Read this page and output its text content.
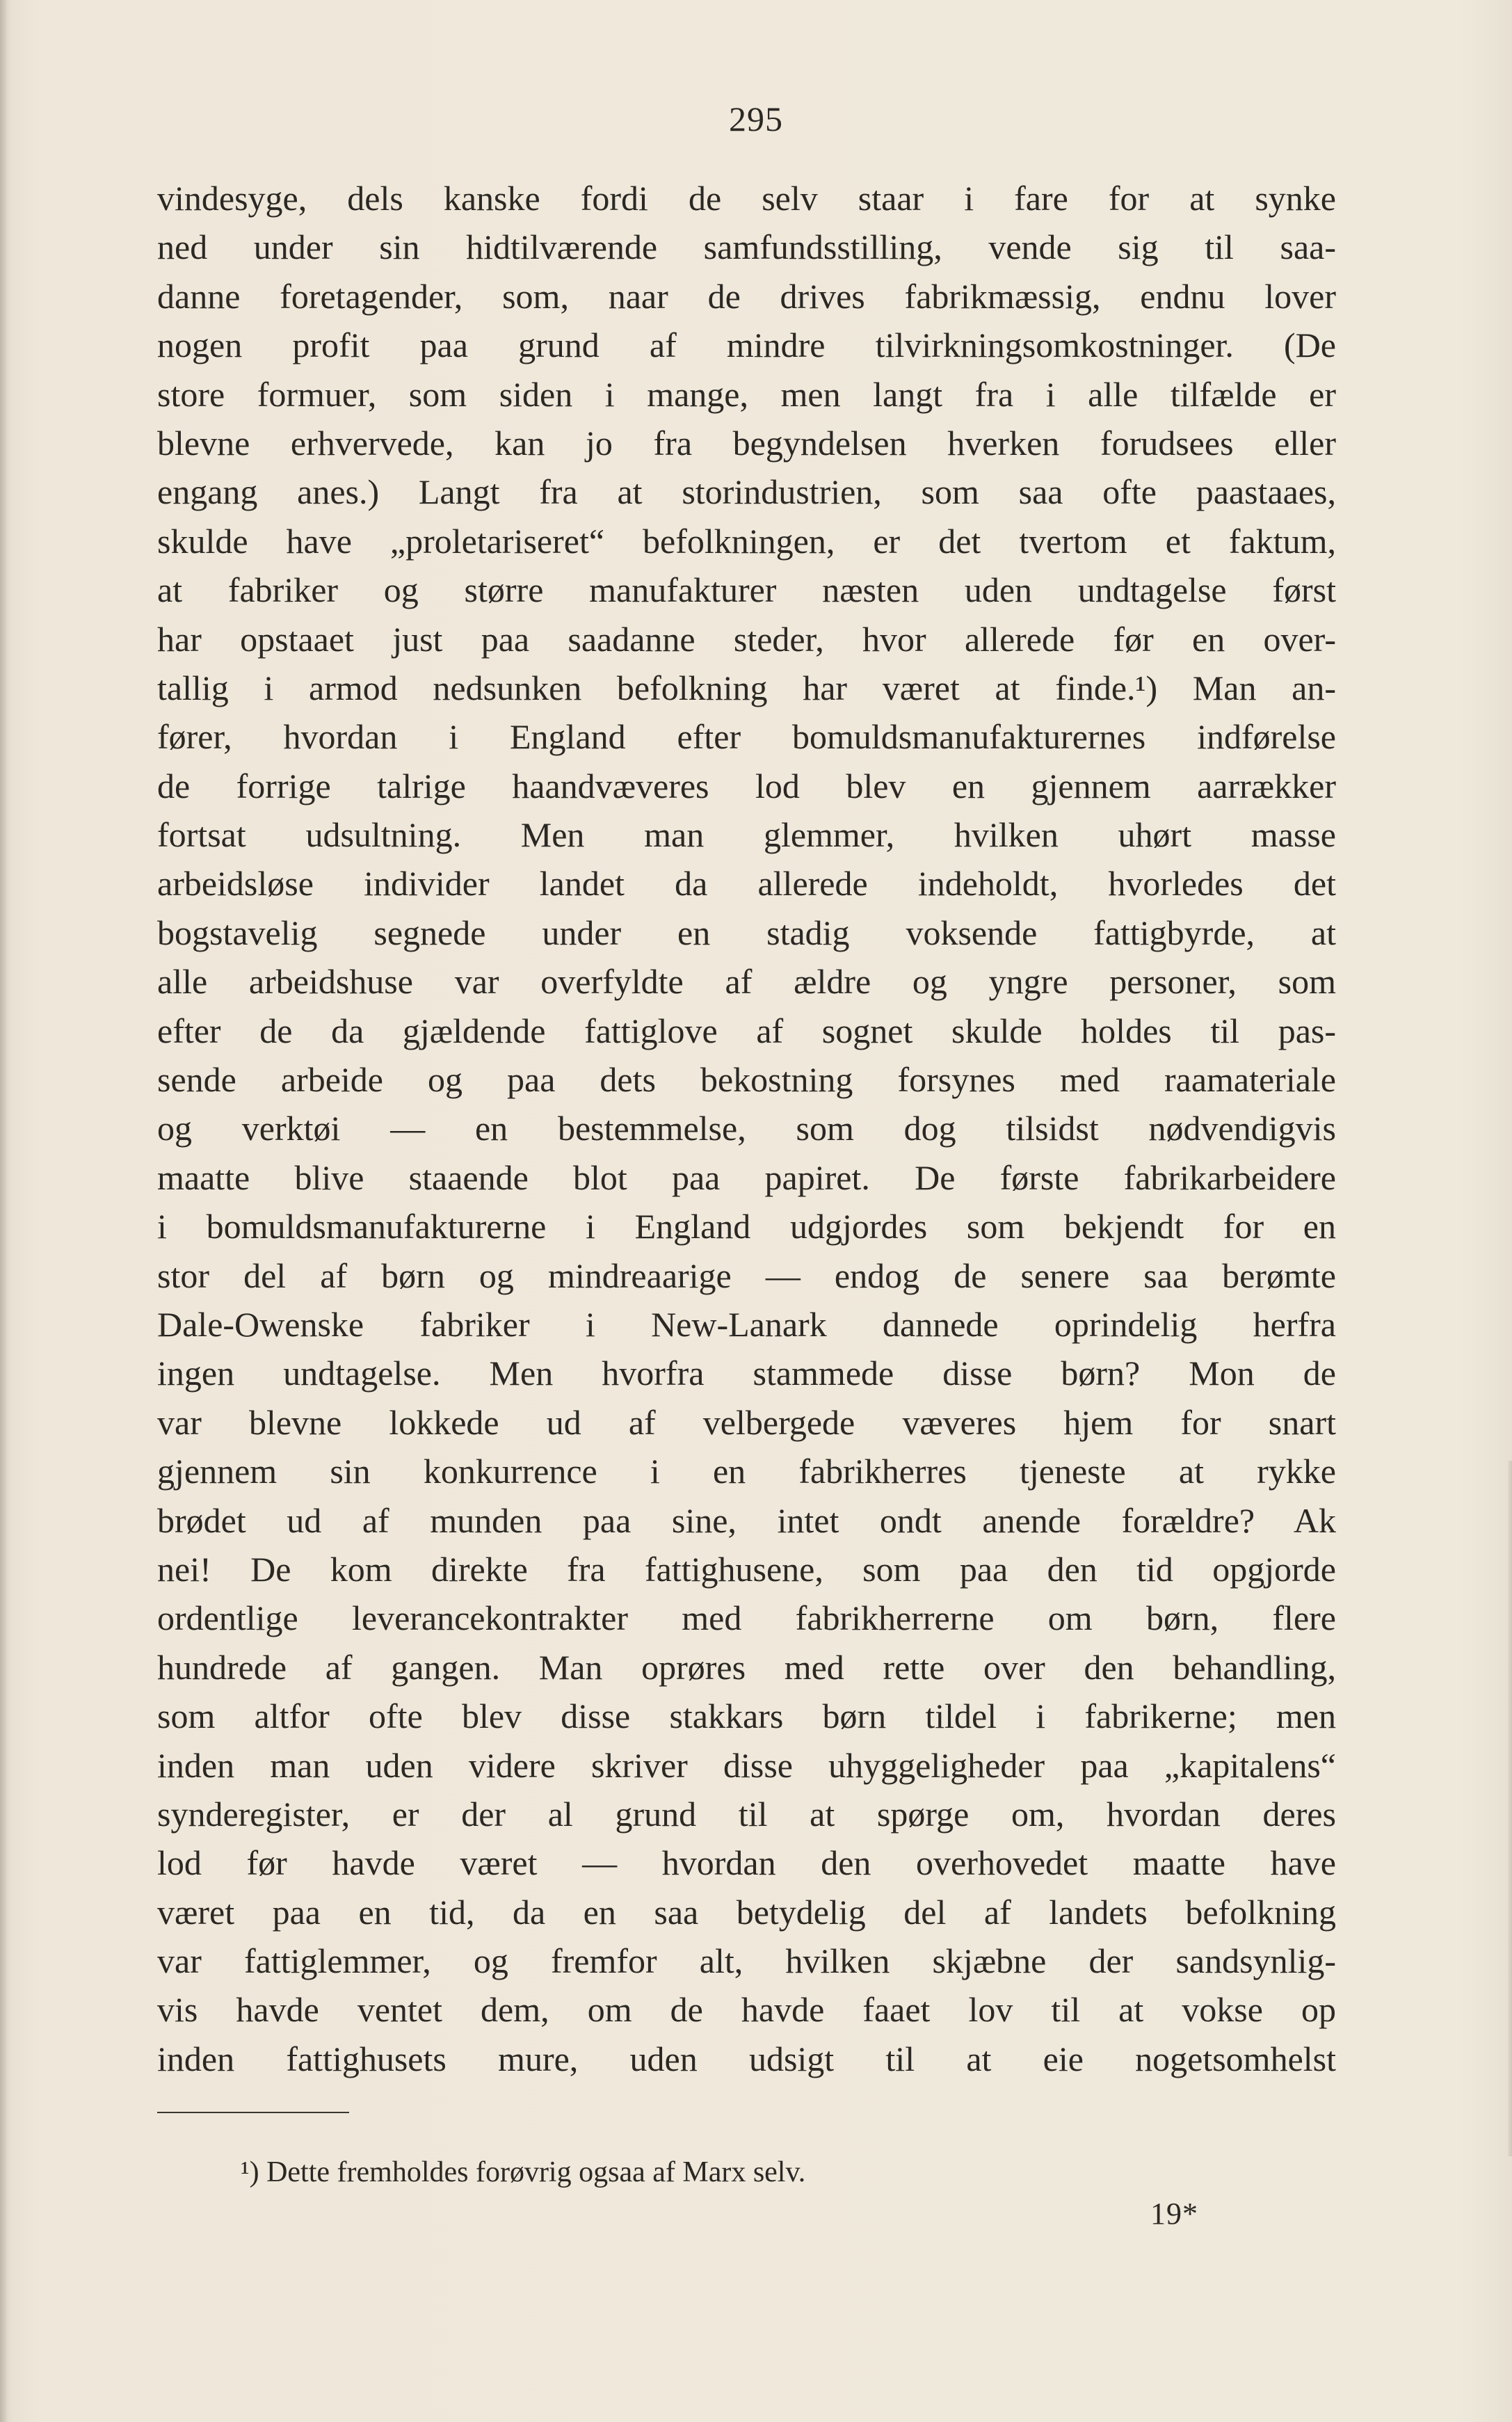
295
vindesyge, dels kanske fordi de selv staar i fare for at synke
ned under sin hidtilværende samfundsstilling, vende sig til saa-
danne foretagender, som, naar de drives fabrikmæssig, endnu lover
nogen profit paa grund af mindre tilvirkningsomkostninger. (De
store formuer, som siden i mange, men langt fra i alle tilfælde er
blevne erhvervede, kan jo fra begyndelsen hverken forudsees eller
engang anes.) Langt fra at storindustrien, som saa ofte paastaaes,
skulde have „proletariseret“ befolkningen, er det tvertom et faktum,
at fabriker og større manufakturer næsten uden undtagelse først
har opstaaet just paa saadanne steder, hvor allerede før en over-
tallig i armod nedsunken befolkning har været at finde.¹) Man an-
fører, hvordan i England efter bomuldsmanufakturernes indførelse
de forrige talrige haandvæveres lod blev en gjennem aarrækker
fortsat udsultning. Men man glemmer, hvilken uhørt masse
arbeidsløse individer landet da allerede indeholdt, hvorledes det
bogstavelig segnede under en stadig voksende fattigbyrde, at
alle arbeidshuse var overfyldte af ældre og yngre personer, som
efter de da gjældende fattiglove af sognet skulde holdes til pas-
sende arbeide og paa dets bekostning forsynes med raamateriale
og verktøi — en bestemmelse, som dog tilsidst nødvendigvis
maatte blive staaende blot paa papiret. De første fabrikarbeidere
i bomuldsmanufakturerne i England udgjordes som bekjendt for en
stor del af børn og mindreaarige — endog de senere saa berømte
Dale-Owenske fabriker i New-Lanark dannede oprindelig herfra
ingen undtagelse. Men hvorfra stammede disse børn? Mon de
var blevne lokkede ud af velbergede væveres hjem for snart
gjennem sin konkurrence i en fabrikherres tjeneste at rykke
brødet ud af munden paa sine, intet ondt anende forældre? Ak
nei! De kom direkte fra fattighusene, som paa den tid opgjorde
ordentlige leverancekontrakter med fabrikherrerne om børn, flere
hundrede af gangen. Man oprøres med rette over den behandling,
som altfor ofte blev disse stakkars børn tildel i fabrikerne; men
inden man uden videre skriver disse uhyggeligheder paa „kapitalens“
synderegister, er der al grund til at spørge om, hvordan deres
lod før havde været — hvordan den overhovedet maatte have
været paa en tid, da en saa betydelig del af landets befolkning
var fattiglemmer, og fremfor alt, hvilken skjæbne der sandsynlig-
vis havde ventet dem, om de havde faaet lov til at vokse op
inden fattighusets mure, uden udsigt til at eie nogetsomhelst
¹) Dette fremholdes forøvrig ogsaa af Marx selv.
19*
